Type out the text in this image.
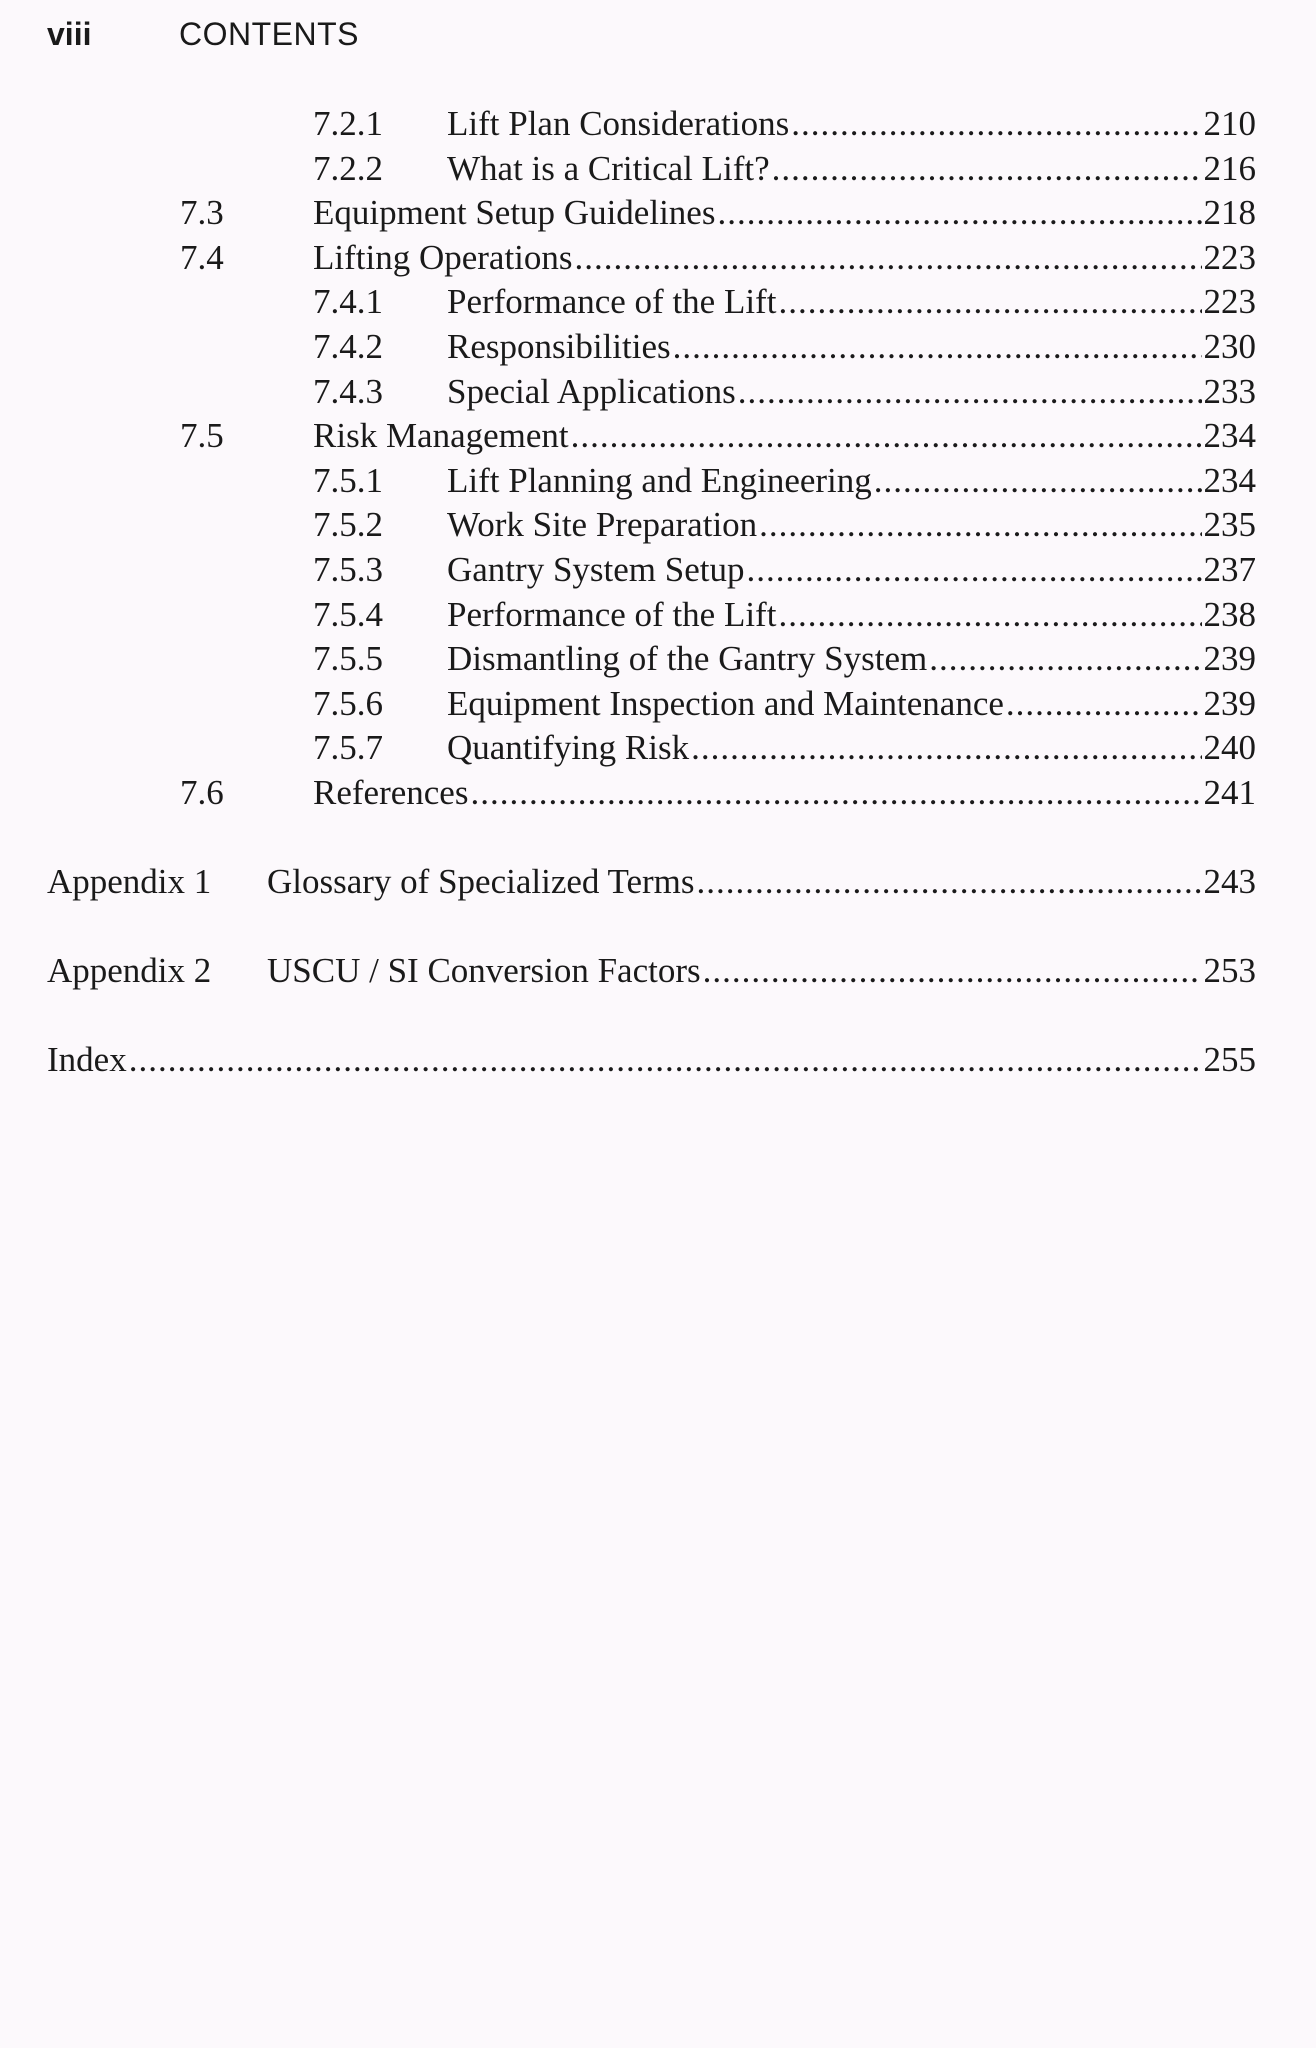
viii	CONTENTS
7.2.1 Lift Plan Considerations .....	210
7.2.2 What is a Critical Lift? .....	216
7.3	Equipment Setup Guidelines .....	218
7.4	Lifting Operations .....	223
7.4.1 Performance of the Lift .....	223
7.4.2 Responsibilities .....	230
7.4.3 Special Applications .....	233
7.5	Risk Management .....	234
7.5.1 Lift Planning and Engineering .....	234
7.5.2 Work Site Preparation .....	235
7.5.3 Gantry System Setup .....	237
7.5.4 Performance of the Lift .....	238
7.5.5 Dismantling of the Gantry System .....	239
7.5.6 Equipment Inspection and Maintenance .....	239
7.5.7 Quantifying Risk .....	240
7.6	References .....	241
Appendix 1 Glossary of Specialized Terms .....	243
Appendix 2 USCU / SI Conversion Factors .....	253
Index .....	255
